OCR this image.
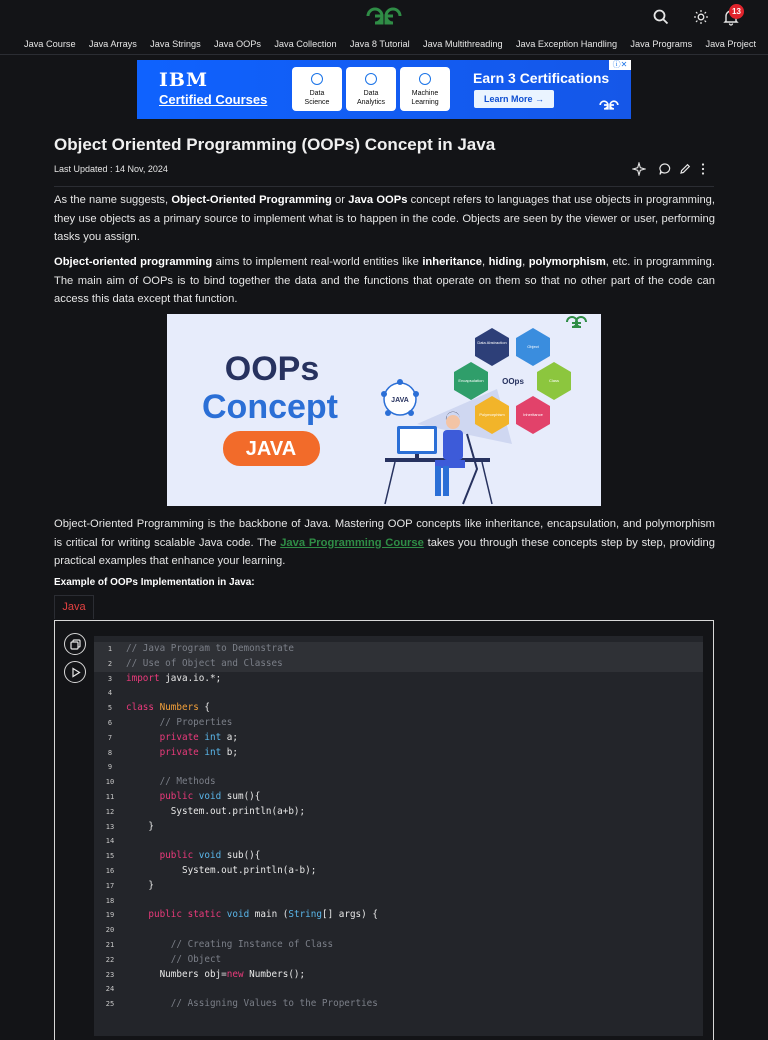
13
Java Course Java Arrays Java Strings Java OOPs Java Collection Java 8 Tutorial Java Multithreading Java Exception Handling Java Programs Java Project
IBM
Certified Courses	Data
Science
Data
Analytics
Machine
Learning
Earn 3 Certifications
Learn More →
ⓘ✕
Object Oriented Programming (OOPs) Concept in Java
Last Updated : 14 Nov, 2024

As the name suggests, Object-Oriented Programming or Java OOPs concept refers to languages that use objects in programming, they use objects as a primary source to implement what is to happen in the code. Objects are seen by the viewer or user, performing tasks you assign.

Object-oriented programming aims to implement real-world entities like inheritance, hiding, polymorphism, etc. in programming. The main aim of OOPs is to bind together the data and the functions that operate on them so that no other part of the code can access this data except that function.

OOPs
Concept
JAVA
JAVA
Data Abstraction
Object
Encapsulation	Class
Polymorphism	Inheritance
OOps

Object-Oriented Programming is the backbone of Java. Mastering OOP concepts like inheritance, encapsulation, and polymorphism is critical for writing scalable Java code. The Java Programming Course takes you through these concepts step by step, providing practical examples that enhance your learning.

Example of OOPs Implementation in Java:
Java
1 // Java Program to Demonstrate
2 // Use of Object and Classes
3 import java.io.*;
4
5 class Numbers {
6	// Properties
7	private int a;
8	private int b;
9
10	// Methods
11	public void sum(){
12        System.out.println(a+b);
13    }
14
15	public void sub(){
16          System.out.println(a-b);
17    }
18
19	public static void main (String[] args) {
20
21	// Creating Instance of Class
22	// Object
23      Numbers obj=new Numbers();
24
25	// Assigning Values to the Properties
